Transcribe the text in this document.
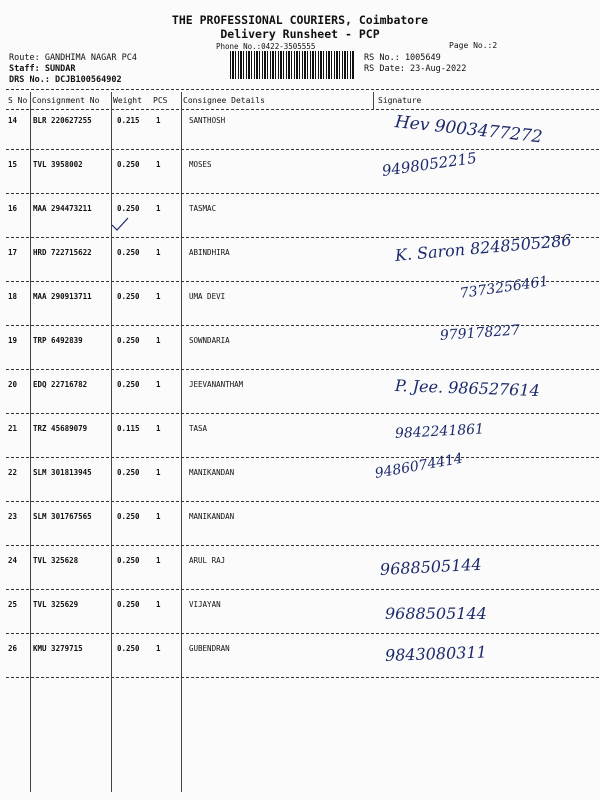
THE PROFESSIONAL COURIERS, Coimbatore
Delivery Runsheet - PCP
Phone No.:0422-3505555	Page No.:2
Route: GANDHIMA NAGAR PC4
Staff: SUNDAR
DRS No.: DCJB100564902
RS No.: 1005649
RS Date: 23-Aug-2022
S No Consignment No Weight PCS Consignee Details	Signature
14 BLR 220627255	0.215 1	SANTHOSH	Hev 9003477272
15 TVL 3958002	0.250 1	MOSES	9498052215
16 MAA 294473211	0.250 1	TASMAC
17 HRD 722715622	0.250 1	ABINDHIRA	K. Saron 8248505286
18 MAA 290913711	0.250 1	UMA DEVI	7373256461
19 TRP 6492839	0.250 1	SOWNDARIA	979178227
20 EDQ 22716782	0.250 1	JEEVANANTHAM	P. Jee. 986527614
21 TRZ 45689079	0.115 1	TASA	9842241861
22 SLM 301813945	0.250 1	MANIKANDAN	9486074414
23 SLM 301767565	0.250 1	MANIKANDAN
24 TVL 325628	0.250 1	ARUL RAJ	9688505144
25 TVL 325629	0.250 1	VIJAYAN	9688505144
26 KMU 3279715	0.250 1	GUBENDRAN	9843080311
